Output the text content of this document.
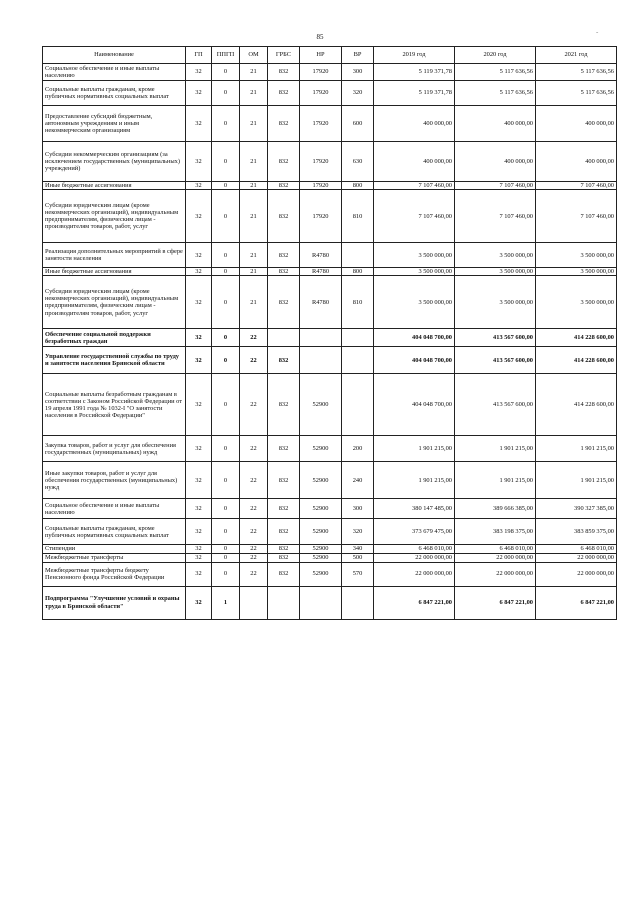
85
-
Наименование	ГП	ППГП	ОМ	ГРБС	НР	ВР	2019 год	2020 год	2021 год
Социальное обеспечение и иные выплаты населению	32	0	21	832	17920	300	5 119 371,78	5 117 636,56	5 117 636,56
Социальные выплаты гражданам, кроме публичных нормативных социальных выплат	32	0	21	832	17920	320	5 119 371,78	5 117 636,56	5 117 636,56
Предоставление субсидий бюджетным, автономным учреждениям и иным некоммерческим организациям	32	0	21	832	17920	600	400 000,00	400 000,00	400 000,00
Субсидии некоммерческим организациям (за исключением государственных (муниципальных) учреждений)	32	0	21	832	17920	630	400 000,00	400 000,00	400 000,00
Иные бюджетные ассигнования	32	0	21	832	17920	800	7 107 460,00	7 107 460,00	7 107 460,00
Субсидии юридическим лицам (кроме некоммерческих организаций), индивидуальным предпринимателям, физическим лицам - производителям товаров, работ, услуг	32	0	21	832	17920	810	7 107 460,00	7 107 460,00	7 107 460,00
Реализация дополнительных мероприятий в сфере занятости населения	32	0	21	832	R4780		3 500 000,00	3 500 000,00	3 500 000,00
Иные бюджетные ассигнования	32	0	21	832	R4780	800	3 500 000,00	3 500 000,00	3 500 000,00
Субсидии юридическим лицам (кроме некоммерческих организаций), индивидуальным предпринимателям, физическим лицам - производителям товаров, работ, услуг	32	0	21	832	R4780	810	3 500 000,00	3 500 000,00	3 500 000,00
Обеспечение социальной поддержки безработных граждан	32	0	22				404 048 700,00	413 567 600,00	414 228 600,00
Управление государственной службы по труду и занятости населения Брянской области	32	0	22	832			404 048 700,00	413 567 600,00	414 228 600,00
Социальные выплаты безработным гражданам в соответствии с Законом Российской Федерации от 19 апреля 1991 года № 1032-I "О занятости населения в Российской Федерации"	32	0	22	832	52900		404 048 700,00	413 567 600,00	414 228 600,00
Закупка товаров, работ и услуг для обеспечения государственных (муниципальных) нужд	32	0	22	832	52900	200	1 901 215,00	1 901 215,00	1 901 215,00
Иные закупки товаров, работ и услуг для обеспечения государственных (муниципальных) нужд	32	0	22	832	52900	240	1 901 215,00	1 901 215,00	1 901 215,00
Социальное обеспечение и иные выплаты населению	32	0	22	832	52900	300	380 147 485,00	389 666 385,00	390 327 385,00
Социальные выплаты гражданам, кроме публичных нормативных социальных выплат	32	0	22	832	52900	320	373 679 475,00	383 198 375,00	383 859 375,00
Стипендии	32	0	22	832	52900	340	6 468 010,00	6 468 010,00	6 468 010,00
Межбюджетные трансферты	32	0	22	832	52900	500	22 000 000,00	22 000 000,00	22 000 000,00
Межбюджетные трансферты бюджету Пенсионного фонда Российской Федерации	32	0	22	832	52900	570	22 000 000,00	22 000 000,00	22 000 000,00
Подпрограмма "Улучшение условий и охраны труда в Брянской области"	32	1					6 847 221,00	6 847 221,00	6 847 221,00
